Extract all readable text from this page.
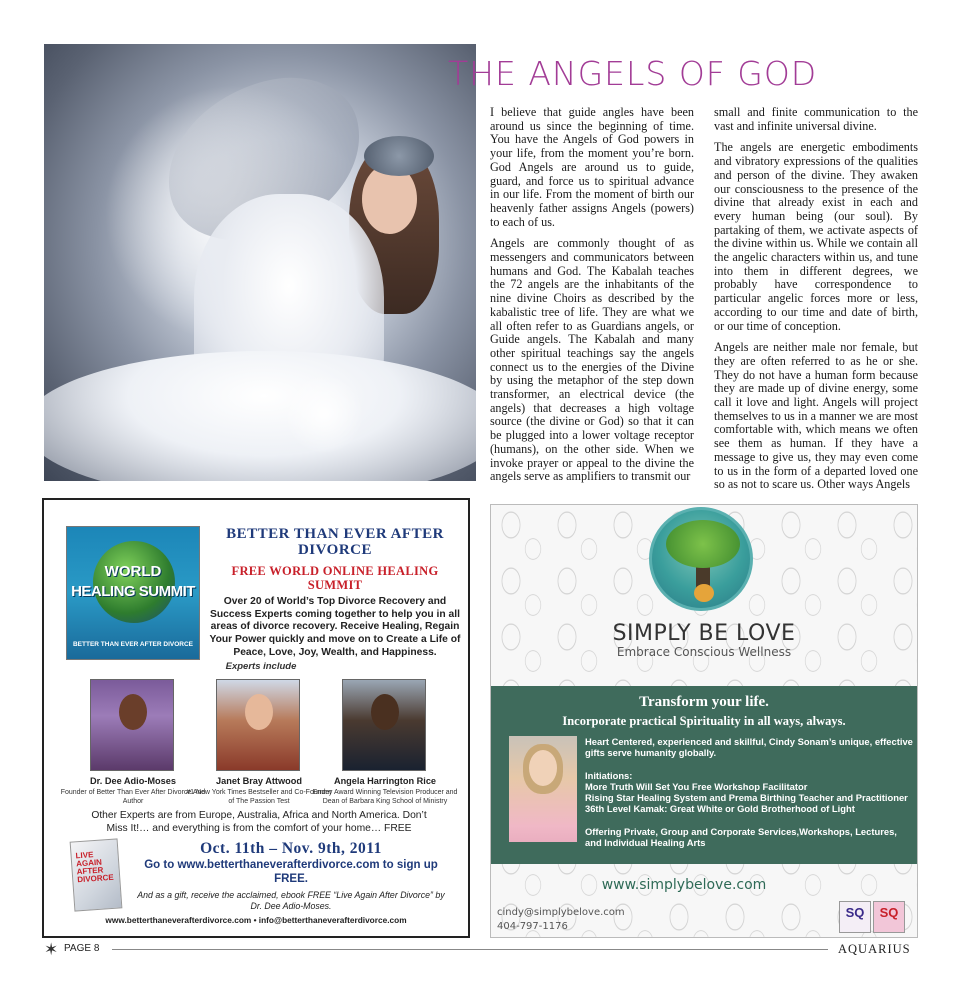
THE ANGELS OF GOD

I believe that guide angles have been around us since the beginning of time. You have the Angels of God powers in your life, from the moment you’re born. God Angels are around us to guide, guard, and force us to spiritual advance in our life. From the moment of birth our heavenly father assigns Angels (powers) to each of us.

Angels are commonly thought of as messengers and communicators between humans and God. The Kabalah teaches the 72 angels are the inhabitants of the nine divine Choirs as described by the kabalistic tree of life. They are what we all often refer to as Guardians angels, or Guide angels. The Kabalah and many other spiritual teachings say the angels connect us to the energies of the Divine by using the metaphor of the step down transformer, an electrical device (the angels) that decreases a high voltage source (the divine or God) so that it can be plugged into a lower voltage receptor (humans), on the other side. When we invoke prayer or appeal to the divine the angels serve as amplifiers to transmit our

small and finite communication to the vast and infinite universal divine.

The angels are energetic embodiments and vibratory expressions of the qualities and person of the divine. They awaken our consciousness to the presence of the divine that already exist in each and every human being (our soul). By partaking of them, we activate aspects of the divine within us. While we contain all the angelic characters within us, and tune into them in different degrees, we probably have correspondence to particular angelic forces more or less, according to our time and date of birth, or our time of conception.

Angels are neither male nor female, but they are often referred to as he or she. They do not have a human form because they are made up of divine energy, some call it love and light. Angels will project themselves to us in a manner we are most comfortable with, which means we often see them as human. If they have a message to give us, they may even come to us in the form of a departed loved one so as not to scare us. Other ways Angels

WORLD
HEALING SUMMIT
BETTER THAN EVER AFTER DIVORCE
BETTER THAN EVER AFTER DIVORCE
FREE WORLD ONLINE HEALING SUMMIT
Over 20 of World’s Top Divorce Recovery and Success Experts coming together to help you in all areas of divorce recovery. Receive Healing, Regain Your Power quickly and move on to Create a Life of Peace, Love, Joy, Wealth, and Happiness.
Experts include
Dr. Dee Adio-Moses
Founder of Better Than Ever After Divorce And Author
Janet Bray Attwood
#1 New York Times Bestseller and Co-Founder of The Passion Test
Angela Harrington Rice
Emmy Award Winning Television Producer and Dean of Barbara King School of Ministry
Other Experts are from Europe, Australia, Africa and North America. Don’t Miss It!… and everything is from the comfort of your home… FREE
LIVE AGAIN AFTER DIVORCE
Oct. 11th – Nov. 9th, 2011
Go to www.betterthaneverafterdivorce.com to sign up FREE.
And as a gift, receive the acclaimed, ebook FREE “Live Again After Divorce” by Dr. Dee Adio-Moses.
www.betterthaneverafterdivorce.com • info@betterthaneverafterdivorce.com
SIMPLY BE LOVE
Embrace Conscious Wellness
Transform your life.
Incorporate practical Spirituality in all ways, always.

Heart Centered, experienced and skillful, Cindy Sonam’s unique, effective gifts serve humanity globally.

Initiations:
More Truth Will Set You Free Workshop Facilitator
Rising Star Healing System and Prema Birthing Teacher and Practitioner

36th Level Kamak: Great White or Gold Brotherhood of Light

Offering Private, Group and Corporate Services,Workshops, Lectures, and Individual Healing Arts

www.simplybelove.com
cindy@simplybelove.com
404-797-1176
SQ	SQ
✶ PAGE 8	AQUARIUS
